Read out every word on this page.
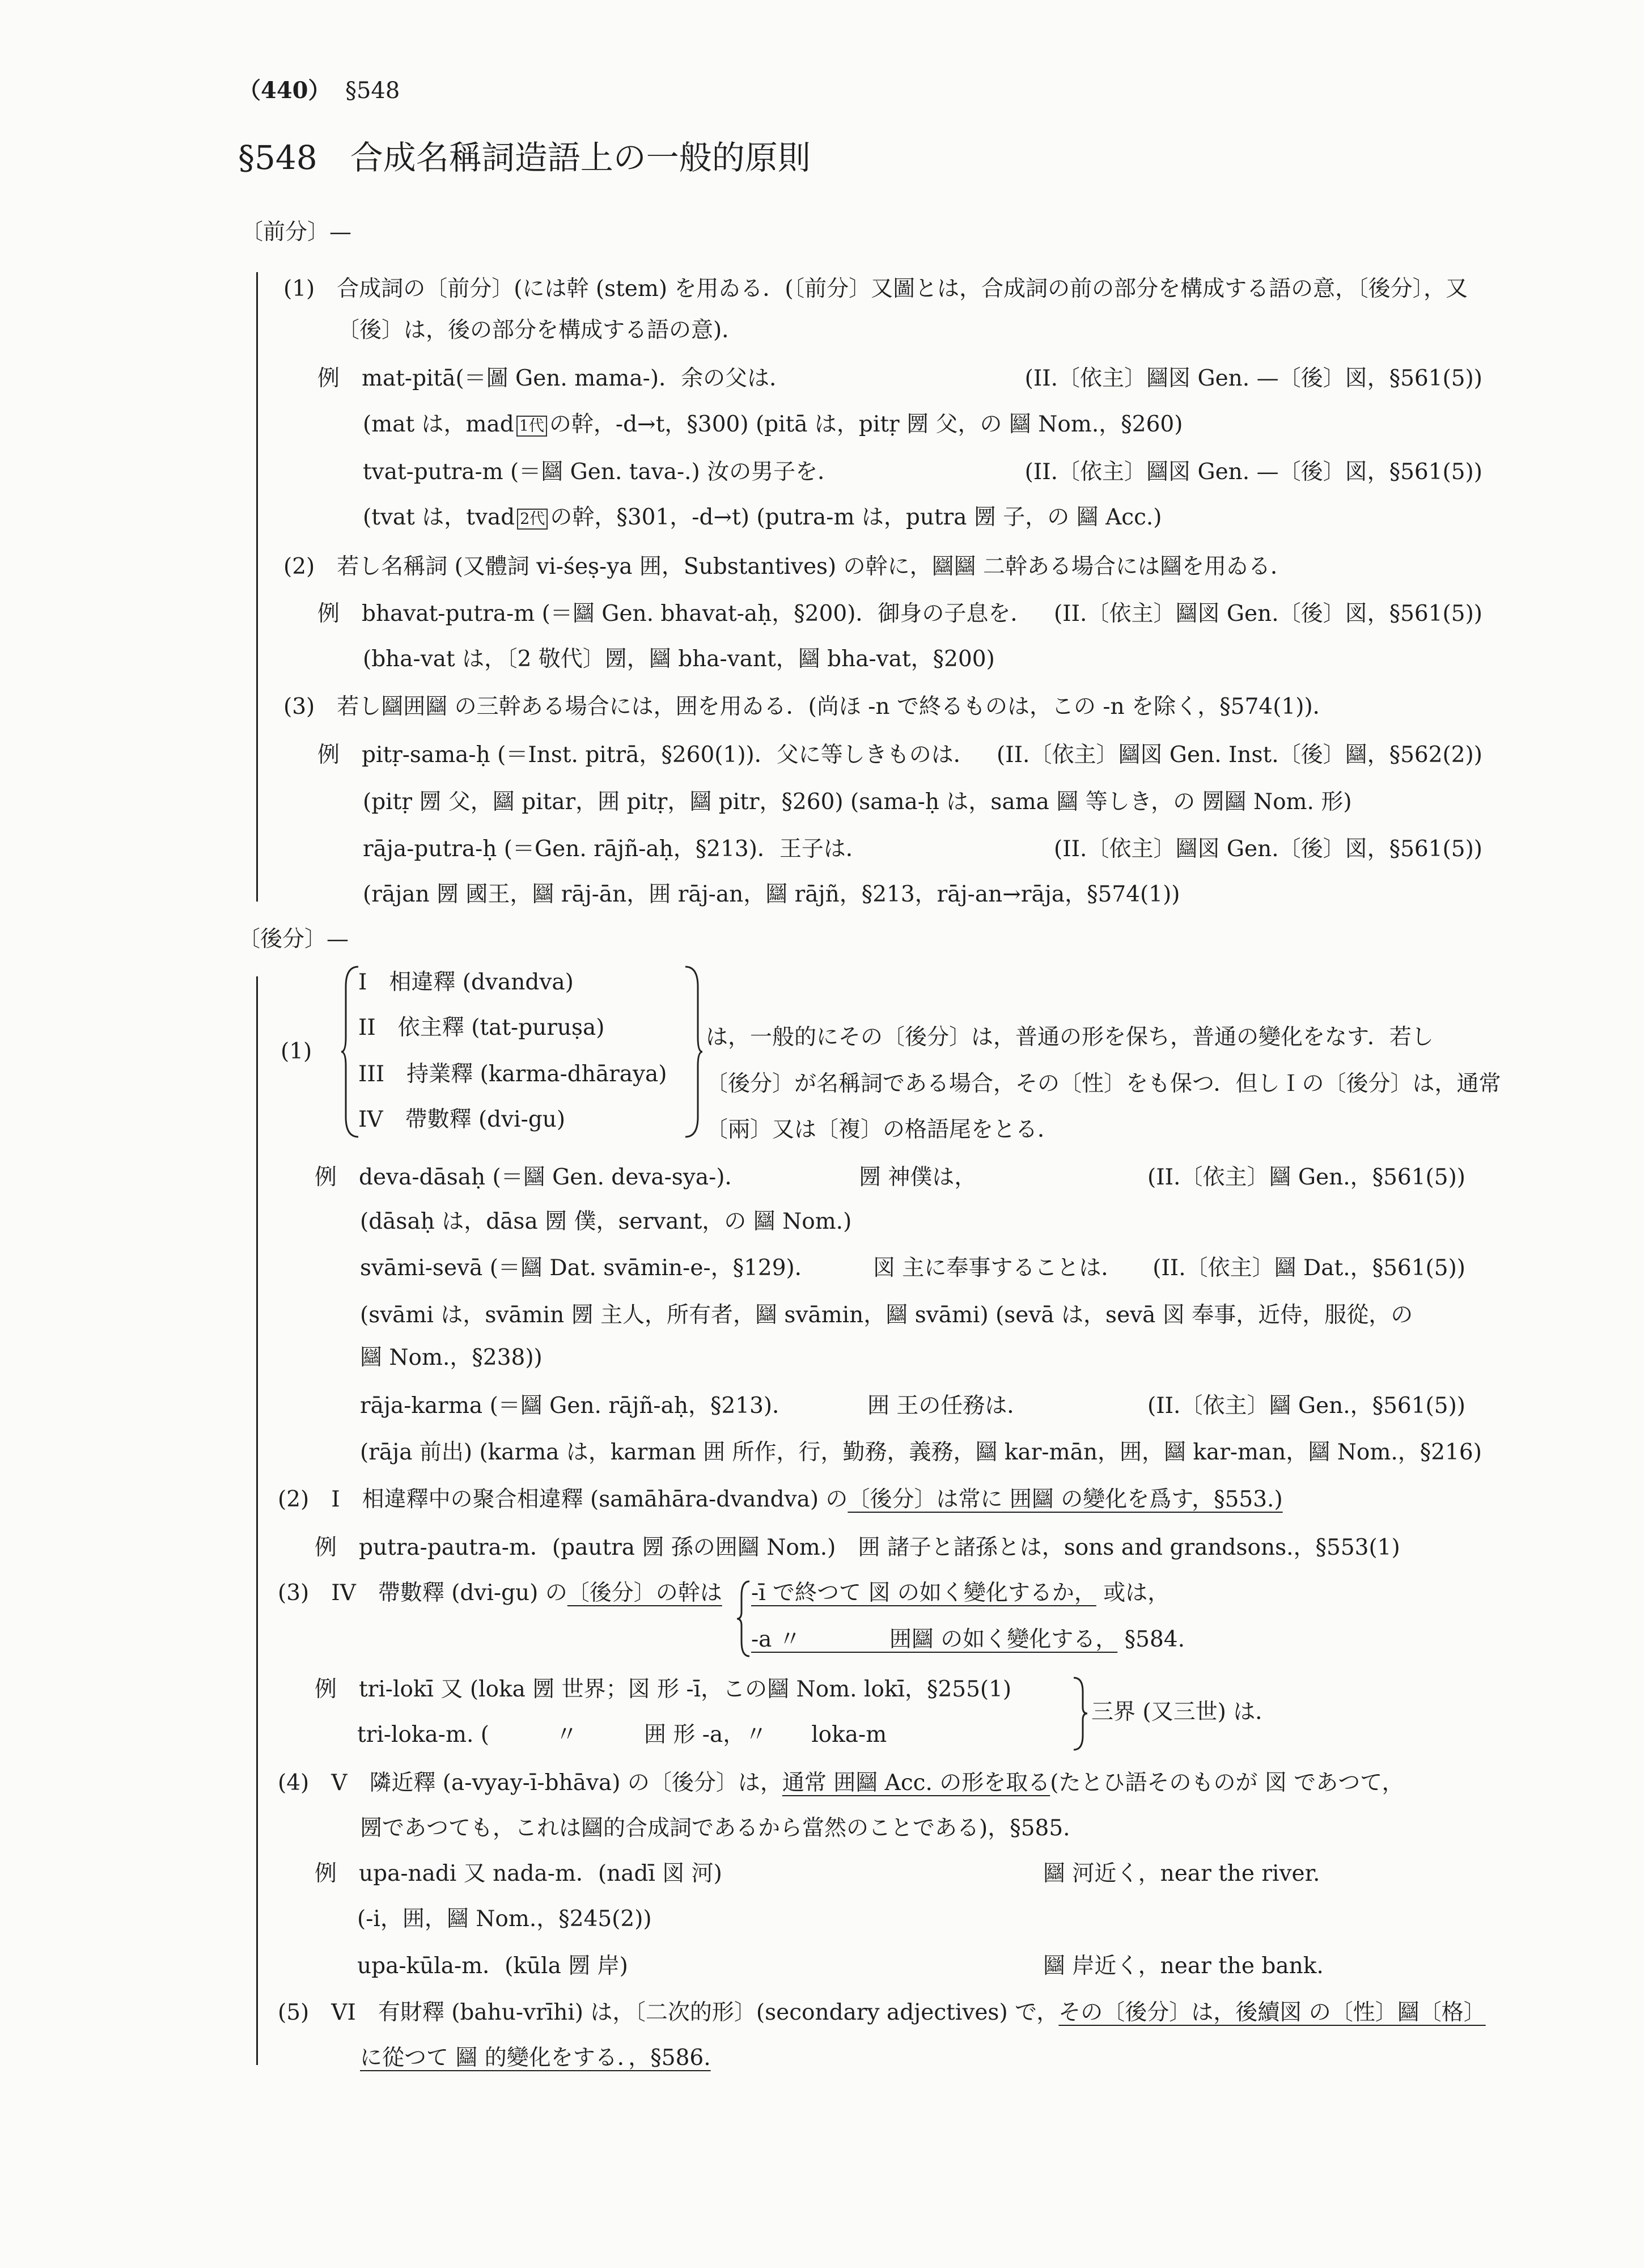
（440） §548
§548　合成名稱詞造語上の一般的原則
〔前分〕—
(1)　合成詞の〔前分〕(には幹 (stem) を用ゐる．(〔前分〕又圖とは，合成詞の前の部分を構成する語の意，〔後分〕，又
〔後〕は，後の部分を構成する語の意)．
例　mat-pitā(＝圖 Gen. mama-)．余の父は．	(II.〔依主〕圝図 Gen. —〔後〕図，§561(5))
(mat は，mad 1代 の幹，-d→t，§300) (pitā は，pitṛ 圐 父，の 圝 Nom.，§260)
tvat-putra-m (＝圝 Gen. tava-.) 汝の男子を．	(II.〔依主〕圝図 Gen. —〔後〕図，§561(5))
(tvat は，tvad 2代 の幹，§301，-d→t) (putra-m は，putra 圐 子，の 圝 Acc.)
(2)　若し名稱詞 (又體詞 vi-śeṣ-ya 囲，Substantives) の幹に，圝圝 二幹ある場合には圝を用ゐる．
例　bhavat-putra-m (＝圝 Gen. bhavat-aḥ，§200)．御身の子息を． (II.〔依主〕圝図 Gen.〔後〕図，§561(5))
(bha-vat は，〔2 敬代〕圐，圝 bha-vant，圝 bha-vat，§200)
(3)　若し圝囲圝 の三幹ある場合には，囲を用ゐる．(尚ほ -n で終るものは，この -n を除く，§574(1))．
例　pitṛ-sama-ḥ (＝Inst. pitrā，§260(1))．父に等しきものは． (II.〔依主〕圝図 Gen. Inst.〔後〕圝，§562(2))
(pitṛ 圐 父，圝 pitar，囲 pitṛ，圝 pitr，§260) (sama-ḥ は，sama 圝 等しき，の 圐圝 Nom. 形)
rāja-putra-ḥ (＝Gen. rājñ-aḥ，§213)．王子は．	(II.〔依主〕圝図 Gen.〔後〕図，§561(5))
(rājan 圐 國王，圝 rāj-ān，囲 rāj-an，圝 rājñ，§213，rāj-an→rāja，§574(1))
〔後分〕—
(1)
I　相違釋 (dvandva)
II　依主釋 (tat-puruṣa)
III　持業釋 (karma-dhāraya)
IV　帶數釋 (dvi-gu)
は，一般的にその〔後分〕は，普通の形を保ち，普通の變化をなす．若し
〔後分〕が名稱詞である場合，その〔性〕をも保つ．但しＩの〔後分〕は，通常
〔兩〕又は〔複〕の格語尾をとる．
例　deva-dāsaḥ (＝圝 Gen. deva-sya-)．	圐 神僕は，	(II.〔依主〕圝 Gen.，§561(5))
(dāsaḥ は，dāsa 圐 僕，servant，の 圝 Nom.)
svāmi-sevā (＝圝 Dat. svāmin-e-，§129)．	図 主に奉事することは． (II.〔依主〕圝 Dat.，§561(5))
(svāmi は，svāmin 圐 主人，所有者，圝 svāmin，圝 svāmi) (sevā は，sevā 図 奉事，近侍，服從，の
圝 Nom.，§238))
rāja-karma (＝圝 Gen. rājñ-aḥ，§213)．	囲 王の任務は．	(II.〔依主〕圝 Gen.，§561(5))
(rāja 前出) (karma は，karman 囲 所作，行，勤務，義務，圝 kar-mān，囲，圝 kar-man，圝 Nom.，§216)
(2)　I　相違釋中の聚合相違釋 (samāhāra-dvandva) の〔後分〕は常に 囲圝 の變化を爲す，§553.)
例　putra-pautra-m．(pautra 圐 孫の囲圝 Nom.)　囲 諸子と諸孫とは，sons and grandsons.，§553(1)
(3)　IV　帶數釋 (dvi-gu) の〔後分〕の幹は -ī で終つて 図 の如く變化するか， 或は，
-a 〃　　　　囲圝 の如く變化する， §584.
例　tri-lokī 又 (loka 圐 世界；図 形 -ī，この圝 Nom. lokī，§255(1)
tri-loka-m. (　　　〃　　　囲 形 -a，〃　　loka-m
三界 (又三世) は．
(4)　V　隣近釋 (a-vyay-ī-bhāva) の〔後分〕は，通常 囲圝 Acc. の形を取る(たとひ語そのものが 図 であつて，
圐であつても，これは圝的合成詞であるから當然のことである)，§585.
例　upa-nadi 又 nada-m．(nadī 図 河)	圝 河近く，near the river.
(-i，囲，圝 Nom.，§245(2))
upa-kūla-m．(kūla 圐 岸)	圝 岸近く，near the bank.
(5)　VI　有財釋 (bahu-vrīhi) は，〔二次的形〕(secondary adjectives) で，その〔後分〕は，後續図 の〔性〕圝〔格〕
に從つて 圝 的變化をする．，§586.
